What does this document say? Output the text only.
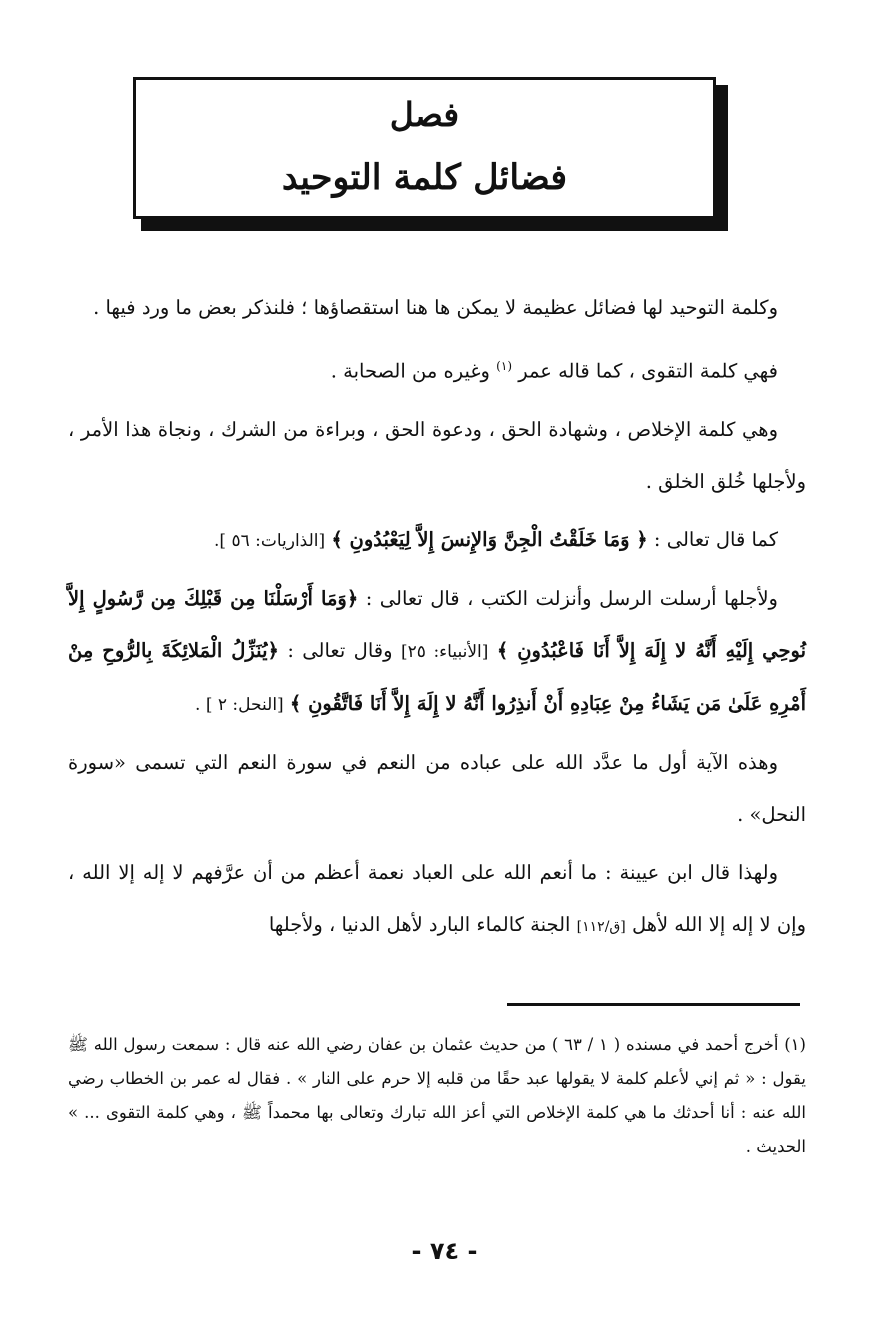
فصل
فضائل كلمة التوحيد

وكلمة التوحيد لها فضائل عظيمة لا يمكن ها هنا استقصاؤها ؛ فلنذكر بعض ما ورد فيها .

فهي كلمة التقوى ، كما قاله عمر $^{(١)}$ وغيره من الصحابة .

وهي كلمة الإخلاص ، وشهادة الحق ، ودعوة الحق ، وبراءة من الشرك ، ونجاة هذا الأمر ، ولأجلها خُلق الخلق .

كما قال تعالى : ﴿ وَمَا خَلَقْتُ الْجِنَّ وَالإِنسَ إِلاَّ لِيَعْبُدُونِ ﴾ [الذاريات: ٥٦ ].

ولأجلها أرسلت الرسل وأنزلت الكتب ، قال تعالى : ﴿وَمَا أَرْسَلْنَا مِن قَبْلِكَ مِن رَّسُولٍ إِلاَّ نُوحِي إِلَيْهِ أَنَّهُ لا إِلَهَ إِلاَّ أَنَا فَاعْبُدُونِ ﴾ [الأنبياء: ٢٥] وقال تعالى : ﴿يُنَزِّلُ الْمَلائِكَةَ بِالرُّوحِ مِنْ أَمْرِهِ عَلَىٰ مَن يَشَاءُ مِنْ عِبَادِهِ أَنْ أَنذِرُوا أَنَّهُ لا إِلَهَ إِلاَّ أَنَا فَاتَّقُونِ ﴾ [النحل: ٢ ] .

وهذه الآية أول ما عدَّد الله على عباده من النعم في سورة النعم التي تسمى «سورة النحل» .

ولهذا قال ابن عيينة : ما أنعم الله على العباد نعمة أعظم من أن عرَّفهم لا إله إلا الله ، وإن لا إله إلا الله لأهل [ق/١١٢] الجنة كالماء البارد لأهل الدنيا ، ولأجلها

(١) أخرج أحمد في مسنده ( ١ / ٦٣ ) من حديث عثمان بن عفان رضي الله عنه قال : سمعت رسول الله ﷺ يقول : « ثم إني لأعلم كلمة لا يقولها عبد حقًا من قلبه إلا حرم على النار » . فقال له عمر بن الخطاب رضي الله عنه : أنا أحدثك ما هي كلمة الإخلاص التي أعز الله تبارك وتعالى بها محمداً ﷺ ، وهي كلمة التقوى ... » الحديث .

- ٧٤ -
